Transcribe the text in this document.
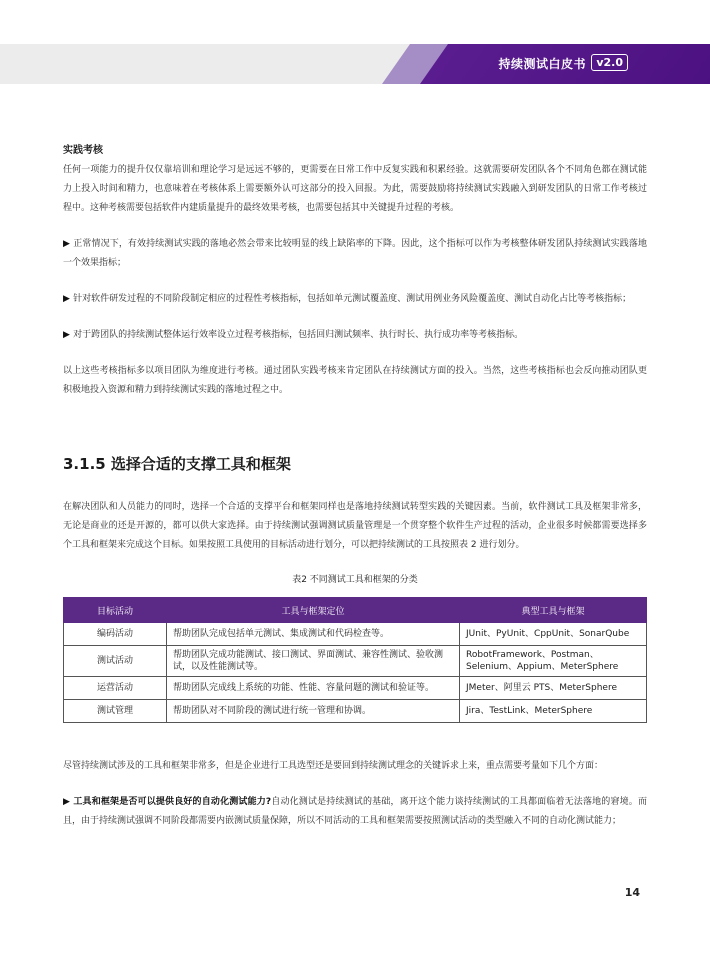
持续测试白皮书 v2.0
实践考核

任何一项能力的提升仅仅靠培训和理论学习是远远不够的，更需要在日常工作中反复实践和积累经验。这就需要研发团队各个不同角色都在测试能力上投入时间和精力，也意味着在考核体系上需要额外认可这部分的投入回报。为此，需要鼓励将持续测试实践融入到研发团队的日常工作考核过程中。这种考核需要包括软件内建质量提升的最终效果考核，也需要包括其中关键提升过程的考核。

▶ 正常情况下，有效持续测试实践的落地必然会带来比较明显的线上缺陷率的下降。因此，这个指标可以作为考核整体研发团队持续测试实践落地一个效果指标；

▶ 针对软件研发过程的不同阶段制定相应的过程性考核指标，包括如单元测试覆盖度、测试用例业务风险覆盖度、测试自动化占比等考核指标；

▶ 对于跨团队的持续测试整体运行效率设立过程考核指标，包括回归测试频率、执行时长、执行成功率等考核指标。

以上这些考核指标多以项目团队为维度进行考核。通过团队实践考核来肯定团队在持续测试方面的投入。当然，这些考核指标也会反向推动团队更积极地投入资源和精力到持续测试实践的落地过程之中。

3.1.5 选择合适的支撑工具和框架

在解决团队和人员能力的同时，选择一个合适的支撑平台和框架同样也是落地持续测试转型实践的关键因素。当前，软件测试工具及框架非常多，无论是商业的还是开源的，都可以供大家选择。由于持续测试强调测试质量管理是一个贯穿整个软件生产过程的活动，企业很多时候都需要选择多个工具和框架来完成这个目标。如果按照工具使用的目标活动进行划分，可以把持续测试的工具按照表 2 进行划分。

表2 不同测试工具和框架的分类
目标活动	工具与框架定位	典型工具与框架
编码活动	帮助团队完成包括单元测试、集成测试和代码检查等。	JUnit、PyUnit、CppUnit、SonarQube
测试活动	帮助团队完成功能测试、接口测试、界面测试、兼容性测试、验收测试，以及性能测试等。	RobotFramework、Postman、Selenium、Appium、MeterSphere
运营活动	帮助团队完成线上系统的功能、性能、容量问题的测试和验证等。	JMeter、阿里云 PTS、MeterSphere
测试管理	帮助团队对不同阶段的测试进行统一管理和协调。	Jira、TestLink、MeterSphere

尽管持续测试涉及的工具和框架非常多，但是企业进行工具选型还是要回到持续测试理念的关键诉求上来，重点需要考量如下几个方面：

▶ 工具和框架是否可以提供良好的自动化测试能力?自动化测试是持续测试的基础，离开这个能力谈持续测试的工具都面临着无法落地的窘境。而且，由于持续测试强调不同阶段都需要内嵌测试质量保障，所以不同活动的工具和框架需要按照测试活动的类型融入不同的自动化测试能力；

14
